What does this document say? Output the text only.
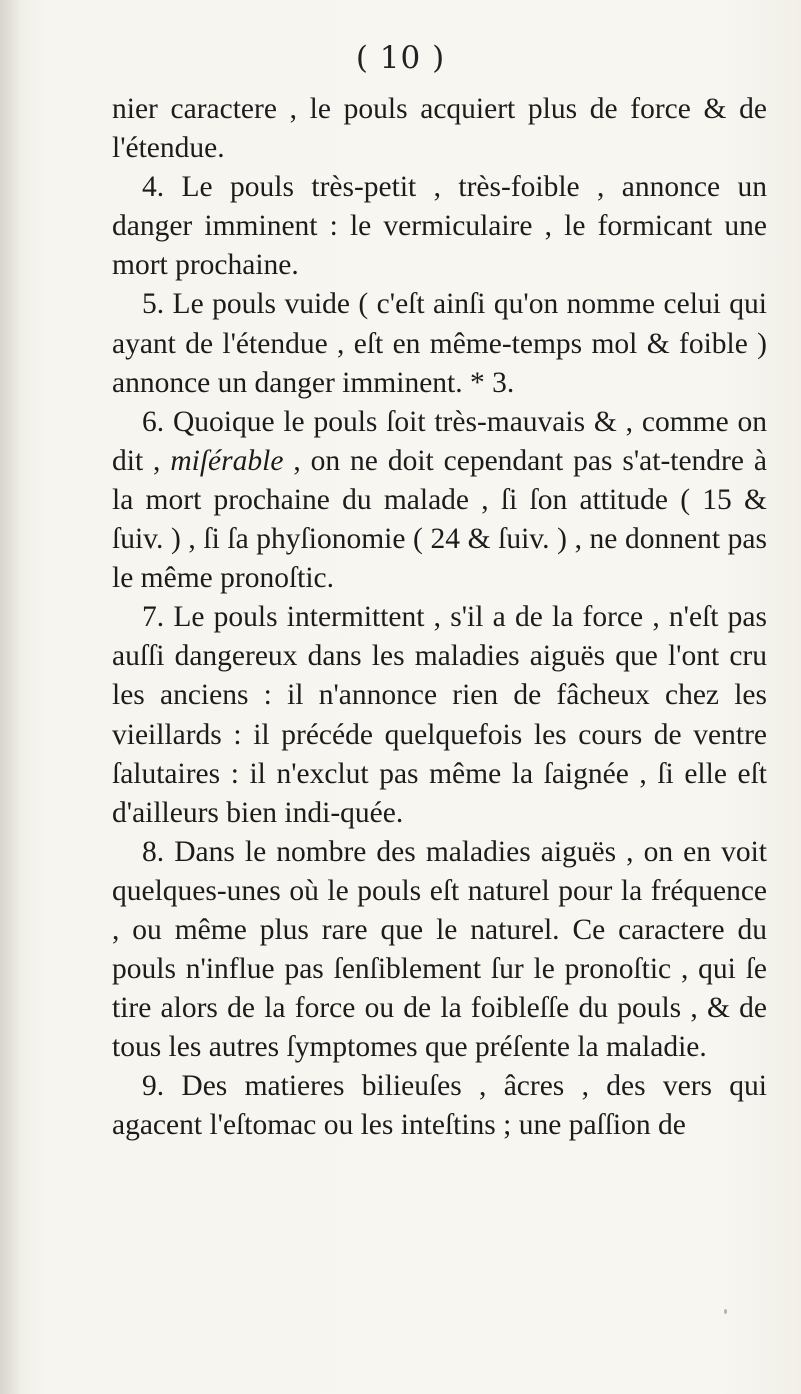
( 10 )

nier caractere , le pouls acquiert plus de force & de l'étendue.

4. Le pouls très-petit , très-foible , annonce un danger imminent : le vermiculaire , le formicant une mort prochaine.

5. Le pouls vuide ( c'eſt ainſi qu'on nomme celui qui ayant de l'étendue , eſt en même-temps mol & foible ) annonce un danger imminent. * 3.

6. Quoique le pouls ſoit très-mauvais & , comme on dit , miſérable , on ne doit cependant pas s'at-tendre à la mort prochaine du malade , ſi ſon attitude ( 15 & ſuiv. ) , ſi ſa phyſionomie ( 24 & ſuiv. ) , ne donnent pas le même pronoſtic.

7. Le pouls intermittent , s'il a de la force , n'eſt pas auſſi dangereux dans les maladies aiguës que l'ont cru les anciens : il n'annonce rien de fâcheux chez les vieillards : il précéde quelquefois les cours de ventre ſalutaires : il n'exclut pas même la ſaignée , ſi elle eſt d'ailleurs bien indi-quée.

8. Dans le nombre des maladies aiguës , on en voit quelques-unes où le pouls eſt naturel pour la fréquence , ou même plus rare que le naturel. Ce caractere du pouls n'influe pas ſenſiblement ſur le pronoſtic , qui ſe tire alors de la force ou de la foibleſſe du pouls , & de tous les autres ſymptomes que préſente la maladie.

9. Des matieres bilieuſes , âcres , des vers qui agacent l'eſtomac ou les inteſtins ; une paſſion de
